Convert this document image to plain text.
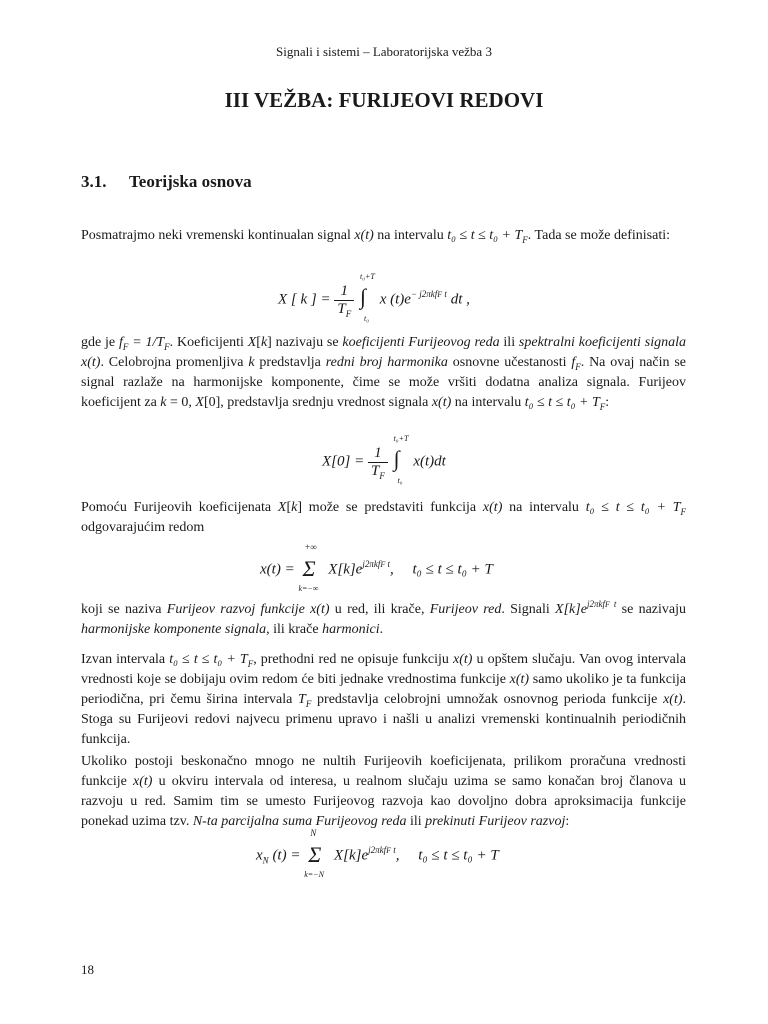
Signali i sistemi – Laboratorijska vežba 3
III VEŽBA: FURIJEOVI REDOVI
3.1. Teorijska osnova
Posmatrajmo neki vremenski kontinualan signal x(t) na intervalu $t_0 \le t \le t_0 + T_F$. Tada se može definisati:
X [ k ] = $\frac{1}{T_F}$

t₀+T
∫
t₀
x $(t)e^{- j2\pi kfF t}$ dt ,
gde je $f_F = 1/T_F$. Koeficijenti X[k] nazivaju se koeficijenti Furijeovog reda ili spektralni koeficijenti signala x(t). Celobrojna promenljiva k predstavlja redni broj harmonika osnovne učestanosti $f_F$. Na ovaj način se signal razlaže na harmonijske komponente, čime se može vršiti dodatna analiza signala. Furijeov koeficijent za k = 0, X[0], predstavlja srednju vrednost signala x(t) na intervalu $t_0 \le t \le t_0 + T_F$:
$X[0] = \frac{1}{T_F}$

t₀+T
∫
t₀
x(t)dt
Pomoću Furijeovih koeficijenata X[k] može se predstaviti funkcija x(t) na intervalu $t_0 \le t \le t_0 + T_F$ odgovarajućim redom
x(t) =
+∞
Σ
k=−∞
$X[k]e^{j2\pi kfF t}$, t₀ ≤ t ≤ t₀ + T
koji se naziva Furijeov razvoj funkcije x(t) u red, ili krače, Furijeov red. Signali $X[k]e^{j2\pi kfF t}$ se nazivaju harmonijske komponente signala, ili krače harmonici.
Izvan intervala $t_0 \le t \le t_0 + T_F$, prethodni red ne opisuje funkciju x(t) u opštem slučaju. Van ovog intervala vrednosti koje se dobijaju ovim redom će biti jednake vrednostima funkcije x(t) samo ukoliko je ta funkcija periodična, pri čemu širina intervala $T_F$ predstavlja celobrojni umnožak osnovnog perioda funkcije x(t). Stoga su Furijeovi redovi najvecu primenu upravo i našli u analizi vremenski kontinualnih periodičnih funkcija.
Ukoliko postoji beskonačno mnogo ne nultih Furijeovih koeficijenata, prilikom proračuna vrednosti funkcije x(t) u okviru intervala od interesa, u realnom slučaju uzima se samo konačan broj članova u razvoju u red. Samim tim se umesto Furijeovog razvoja kao dovoljno dobra aproksimacija funkcije ponekad uzima tzv. N-ta parcijalna suma Furijeovog reda ili prekinuti Furijeov razvoj:
$x_N$ (t) =
N
Σ
k=−N
$X[k]e^{j2\pi kfF t}$, t₀ ≤ t ≤ t₀ + T
18
